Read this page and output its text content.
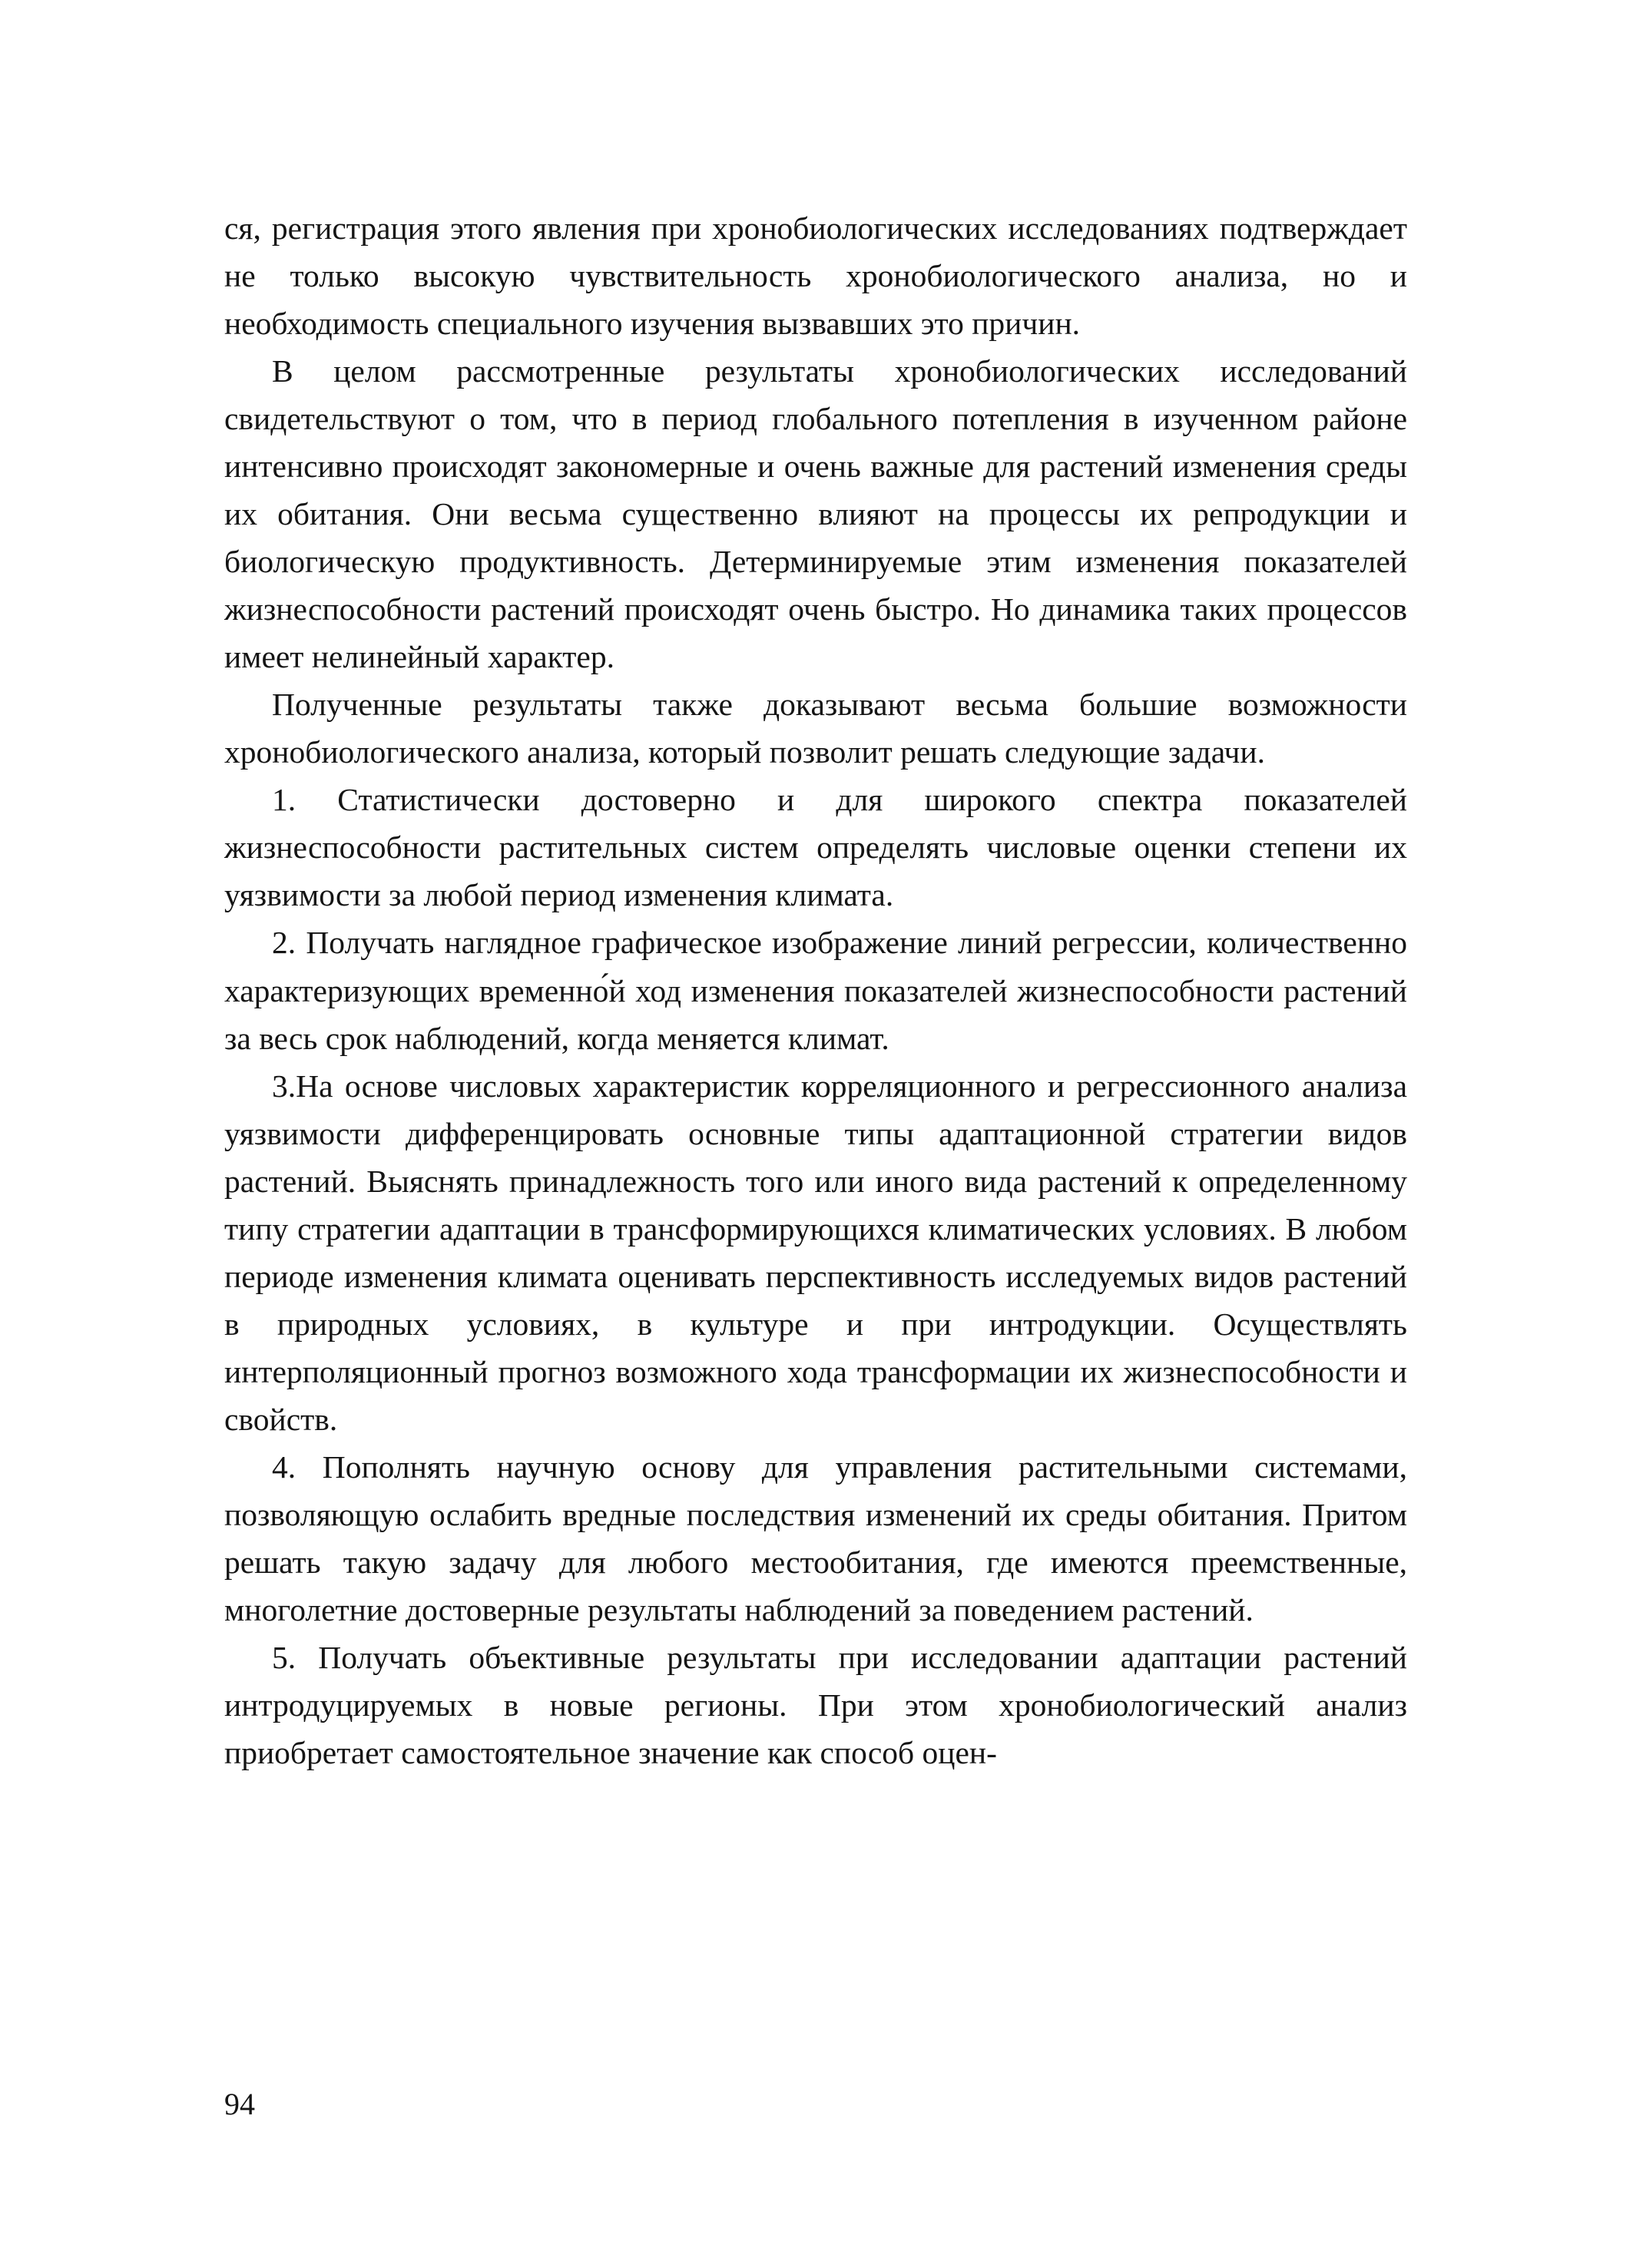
ся, регистрация этого явления при хронобиологических исследованиях подтверждает не только высокую чувствительность хронобиологического анализа, но и необходимость специального изучения вызвавших это причин.

В целом рассмотренные результаты хронобиологических исследований свидетельствуют о том, что в период глобального потепления в изученном районе интенсивно происходят закономерные и очень важные для растений изменения среды их обитания. Они весьма существенно влияют на процессы их репродукции и биологическую продуктивность. Детерминируемые этим изменения показателей жизнеспособности растений происходят очень быстро. Но динамика таких процессов имеет нелинейный характер.

Полученные результаты также доказывают весьма большие возможности хронобиологического анализа, который позволит решать следующие задачи.

1. Статистически достоверно и для широкого спектра показателей жизнеспособности растительных систем определять числовые оценки степени их уязвимости за любой период изменения климата.

2. Получать наглядное графическое изображение линий регрессии, количественно характеризующих временно́й ход изменения показателей жизнеспособности растений за весь срок наблюдений, когда меняется климат.

3.На основе числовых характеристик корреляционного и регрессионного анализа уязвимости дифференцировать основные типы адаптационной стратегии видов растений. Выяснять принадлежность того или иного вида растений к определенному типу стратегии адаптации в трансформирующихся климатических условиях. В любом периоде изменения климата оценивать перспективность исследуемых видов растений в природных условиях, в культуре и при интродукции. Осуществлять интерполяционный прогноз возможного хода трансформации их жизнеспособности и свойств.

4. Пополнять научную основу для управления растительными системами, позволяющую ослабить вредные последствия изменений их среды обитания. Притом решать такую задачу для любого местообитания, где имеются преемственные, многолетние достоверные результаты наблюдений за поведением растений.

5. Получать объективные результаты при исследовании адаптации растений интродуцируемых в новые регионы. При этом хронобиологический анализ приобретает самостоятельное значение как способ оцен-

94
